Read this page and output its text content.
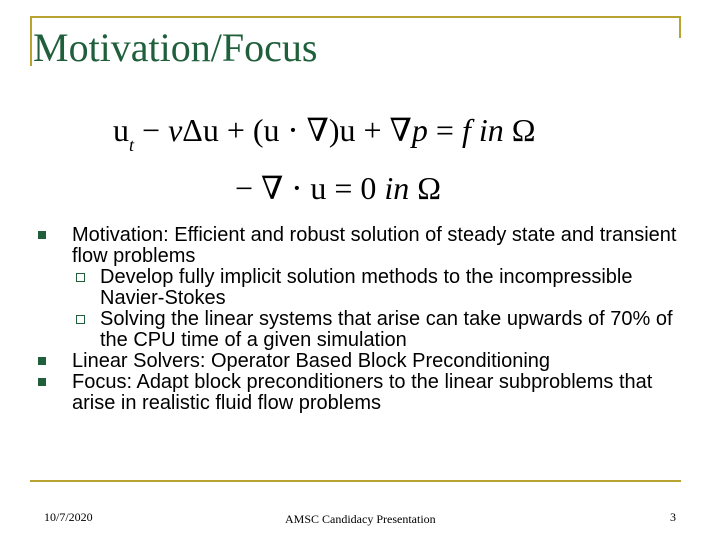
Motivation/Focus
$u_t - \nu\Delta u + (u \cdot \nabla)u + \nabla p = f$ in Ω
− ∇ ⋅ u = 0 in Ω

Motivation: Efficient and robust solution of steady state and transient flow problems

Develop fully implicit solution methods to the incompressible Navier-Stokes

Solving the linear systems that arise can take upwards of 70% of the CPU time of a given simulation

Linear Solvers: Operator Based Block Preconditioning

Focus: Adapt block preconditioners to the linear subproblems that arise in realistic fluid flow problems

10/7/2020	AMSC Candidacy Presentation	3
